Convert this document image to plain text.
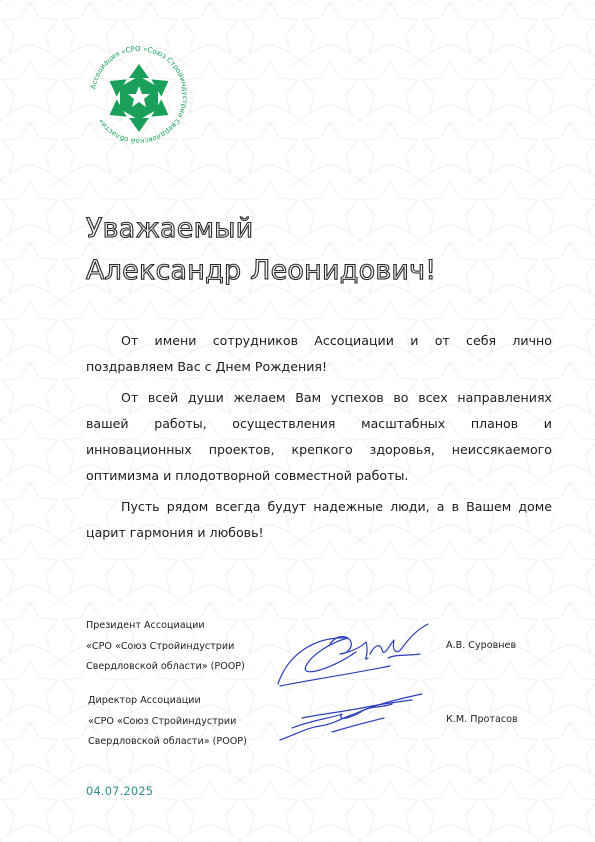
Ассоциация «СРО «Союз Стройиндустрии Свердловской области»
Уважаемый
Александр Леонидович!

От имени сотрудников Ассоциации и от себя лично поздравляем Вас с Днем Рождения!

От всей души желаем Вам успехов во всех направлениях вашей работы, осуществления масштабных планов и инновационных проектов, крепкого здоровья, неиссякаемого оптимизма и плодотворной совместной работы.

Пусть рядом всегда будут надежные люди, а в Вашем доме царит гармония и любовь!

Президент Ассоциации
«СРО «Союз Стройиндустрии
Свердловской области» (РООР)
А.В. Суровнев
Директор Ассоциации
«СРО «Союз Стройиндустрии
Свердловской области» (РООР)
К.М. Протасов
04.07.2025
